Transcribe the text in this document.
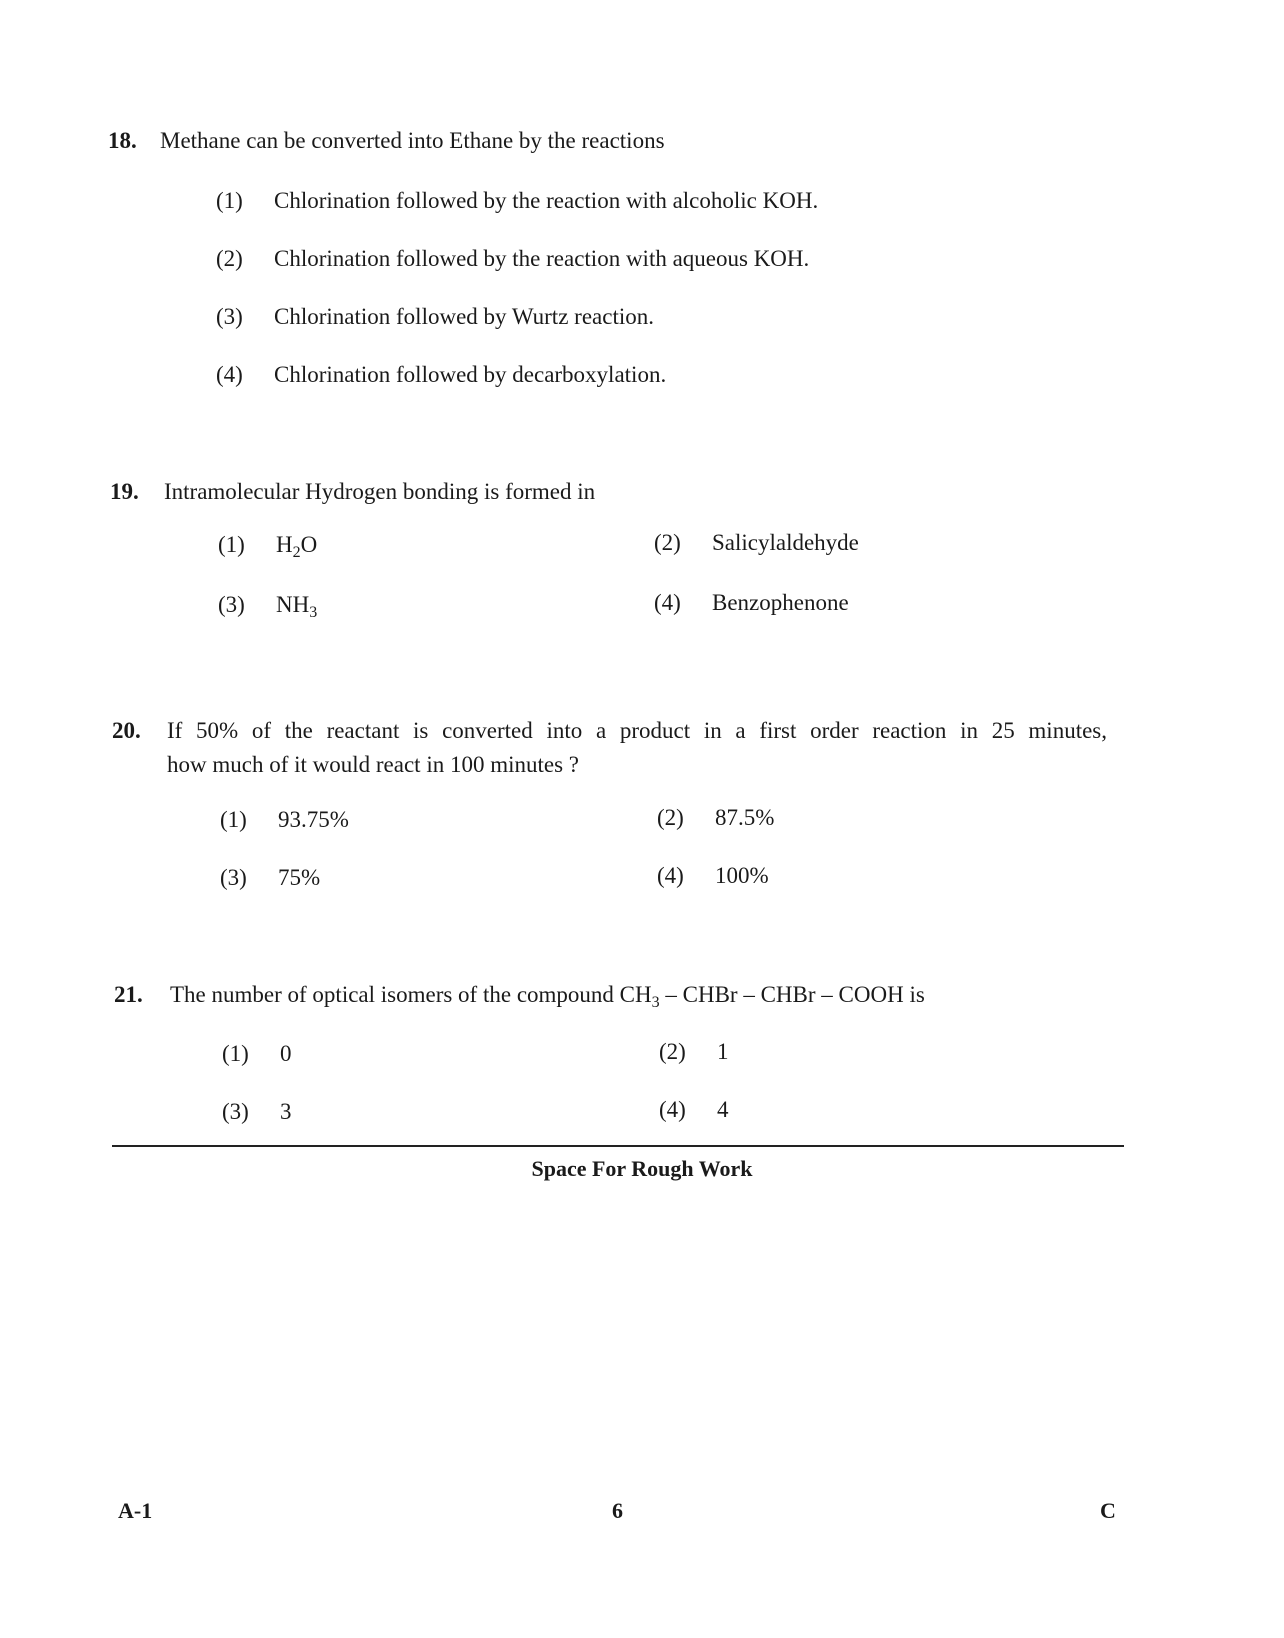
18. Methane can be converted into Ethane by the reactions
(1) Chlorination followed by the reaction with alcoholic KOH.
(2) Chlorination followed by the reaction with aqueous KOH.
(3) Chlorination followed by Wurtz reaction.
(4) Chlorination followed by decarboxylation.
19. Intramolecular Hydrogen bonding is formed in
(1) $H_2O$	(2) Salicylaldehyde
(3) $NH_3$	(4) Benzophenone
20. If 50% of the reactant is converted into a product in a first order reaction in 25 minutes,
how much of it would react in 100 minutes ?
(1) 93.75%	(2) 87.5%
(3) 75%	(4) 100%
21. The number of optical isomers of the compound $CH_3$ – CHBr – CHBr – COOH is
(1) 0	(2) 1
(3) 3	(4) 4
Space For Rough Work
A-1	6	C
